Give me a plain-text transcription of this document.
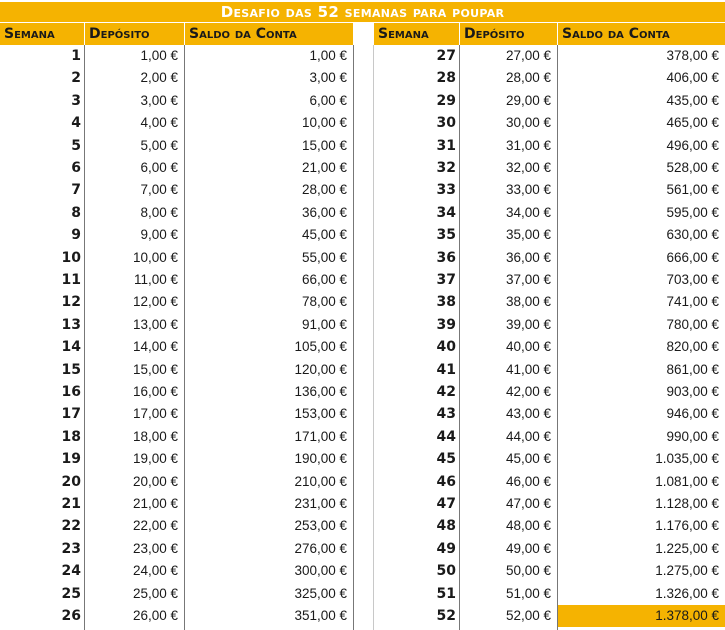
Desafio das 52 semanas para poupar
Semana	Depósito	Saldo da Conta	Semana	Depósito	Saldo da Conta
1	1,00 €	1,00 €
2	2,00 €	3,00 €
3	3,00 €	6,00 €
4	4,00 €	10,00 €
5	5,00 €	15,00 €
6	6,00 €	21,00 €
7	7,00 €	28,00 €
8	8,00 €	36,00 €
9	9,00 €	45,00 €
10	10,00 €	55,00 €
11	11,00 €	66,00 €
12	12,00 €	78,00 €
13	13,00 €	91,00 €
14	14,00 €	105,00 €
15	15,00 €	120,00 €
16	16,00 €	136,00 €
17	17,00 €	153,00 €
18	18,00 €	171,00 €
19	19,00 €	190,00 €
20	20,00 €	210,00 €
21	21,00 €	231,00 €
22	22,00 €	253,00 €
23	23,00 €	276,00 €
24	24,00 €	300,00 €
25	25,00 €	325,00 €
26	26,00 €	351,00 €
27	27,00 €	378,00 €
28	28,00 €	406,00 €
29	29,00 €	435,00 €
30	30,00 €	465,00 €
31	31,00 €	496,00 €
32	32,00 €	528,00 €
33	33,00 €	561,00 €
34	34,00 €	595,00 €
35	35,00 €	630,00 €
36	36,00 €	666,00 €
37	37,00 €	703,00 €
38	38,00 €	741,00 €
39	39,00 €	780,00 €
40	40,00 €	820,00 €
41	41,00 €	861,00 €
42	42,00 €	903,00 €
43	43,00 €	946,00 €
44	44,00 €	990,00 €
45	45,00 €	1.035,00 €
46	46,00 €	1.081,00 €
47	47,00 €	1.128,00 €
48	48,00 €	1.176,00 €
49	49,00 €	1.225,00 €
50	50,00 €	1.275,00 €
51	51,00 €	1.326,00 €
52	52,00 €	1.378,00 €
